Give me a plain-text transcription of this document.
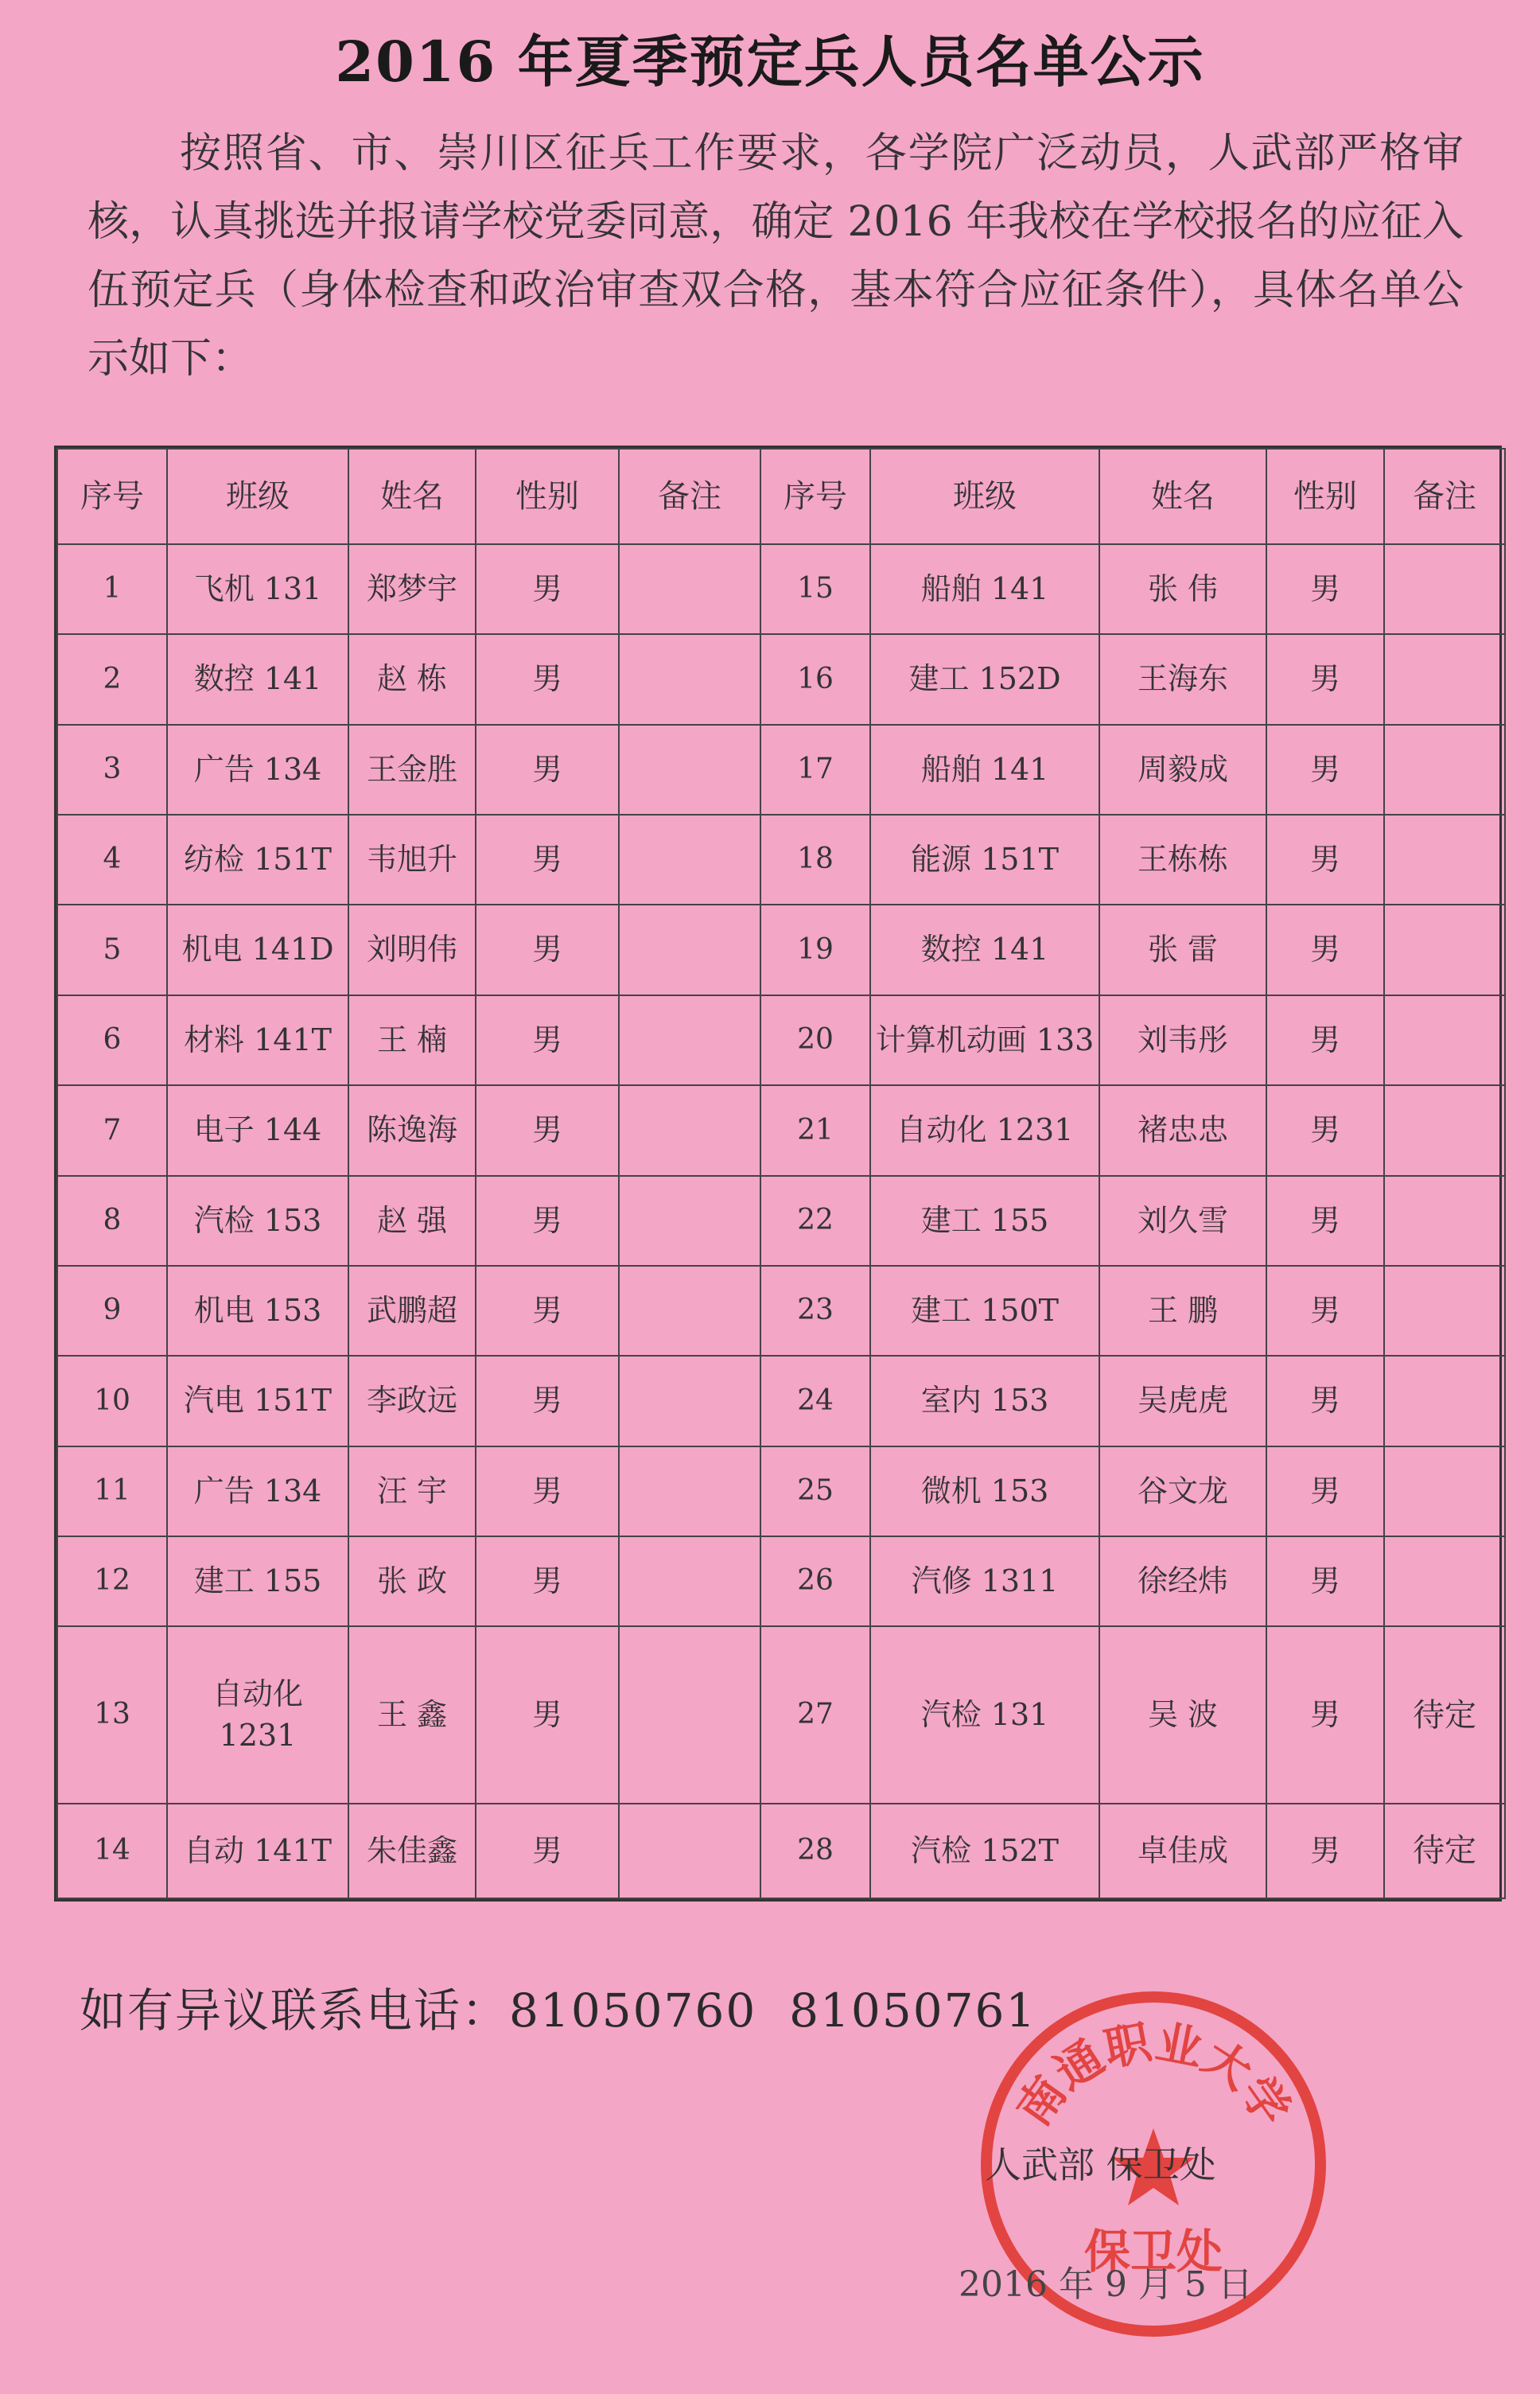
2016 年夏季预定兵人员名单公示
按照省、市、崇川区征兵工作要求，各学院广泛动员，人武部严格审核，认真挑选并报请学校党委同意，确定 2016 年我校在学校报名的应征入伍预定兵（身体检查和政治审查双合格，基本符合应征条件），具体名单公示如下：
序号	班级	姓名	性别	备注	序号	班级	姓名	性别	备注
1	飞机 131	郑梦宇	男		15	船舶 141	张 伟	男	
2	数控 141	赵 栋	男		16	建工 152D	王海东	男	
3	广告 134	王金胜	男		17	船舶 141	周毅成	男	
4	纺检 151T	韦旭升	男		18	能源 151T	王栋栋	男	
5	机电 141D	刘明伟	男		19	数控 141	张 雷	男	
6	材料 141T	王 楠	男		20	计算机动画 133	刘韦彤	男	
7	电子 144	陈逸海	男		21	自动化 1231	褚忠忠	男	
8	汽检 153	赵 强	男		22	建工 155	刘久雪	男	
9	机电 153	武鹏超	男		23	建工 150T	王 鹏	男	
10	汽电 151T	李政远	男		24	室内 153	吴虎虎	男	
11	广告 134	汪 宇	男		25	微机 153	谷文龙	男	
12	建工 155	张 政	男		26	汽修 1311	徐经炜	男	
13	自动化 1231	王 鑫	男		27	汽检 131	吴 波	男	待定
14	自动 141T	朱佳鑫	男		28	汽检 152T	卓佳成	男	待定
如有异议联系电话：81050760 81050761
南通职业大学
保卫处
人武部 保卫处
2016 年 9 月 5 日
